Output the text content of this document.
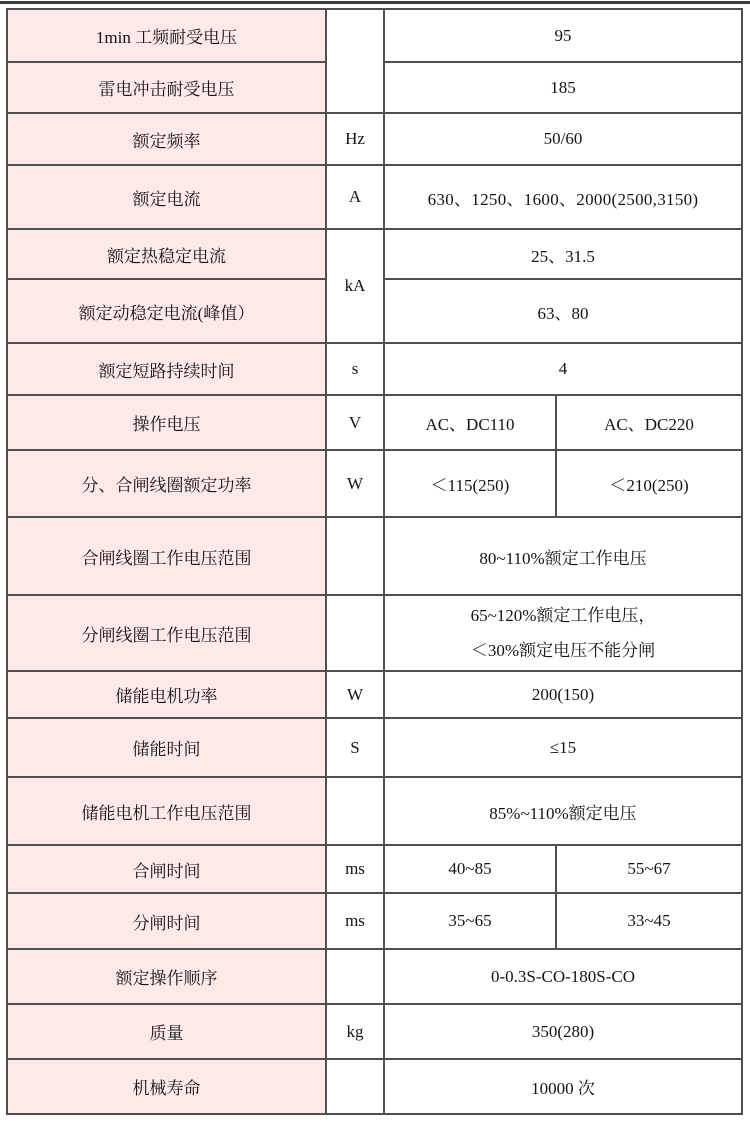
1min 工频耐受电压		95	
雷电冲击耐受电压		185	
额定频率	Hz	50/60	
额定电流	A	630、1250、1600、2000(2500,3150)	
额定热稳定电流	kA	25、31.5	
额定动稳定电流(峰值）		63、80	
额定短路持续时间	s	4	
操作电压	V	AC、DC110	AC、DC220
分、合闸线圈额定功率	W	＜115(250)	＜210(250)
合闸线圈工作电压范围		80~110%额定工作电压	
分闸线圈工作电压范围		65~120%额定工作电压，
＜30%额定电压不能分闸	

储能电机功率	W	200(150)	
储能时间	S	≤15	
储能电机工作电压范围		85%~110%额定电压	
合闸时间	ms	40~85	55~67
分闸时间	ms	35~65	33~45
额定操作顺序		0-0.3S-CO-180S-CO	
质量	kg	350(280)	
机械寿命		10000 次	
